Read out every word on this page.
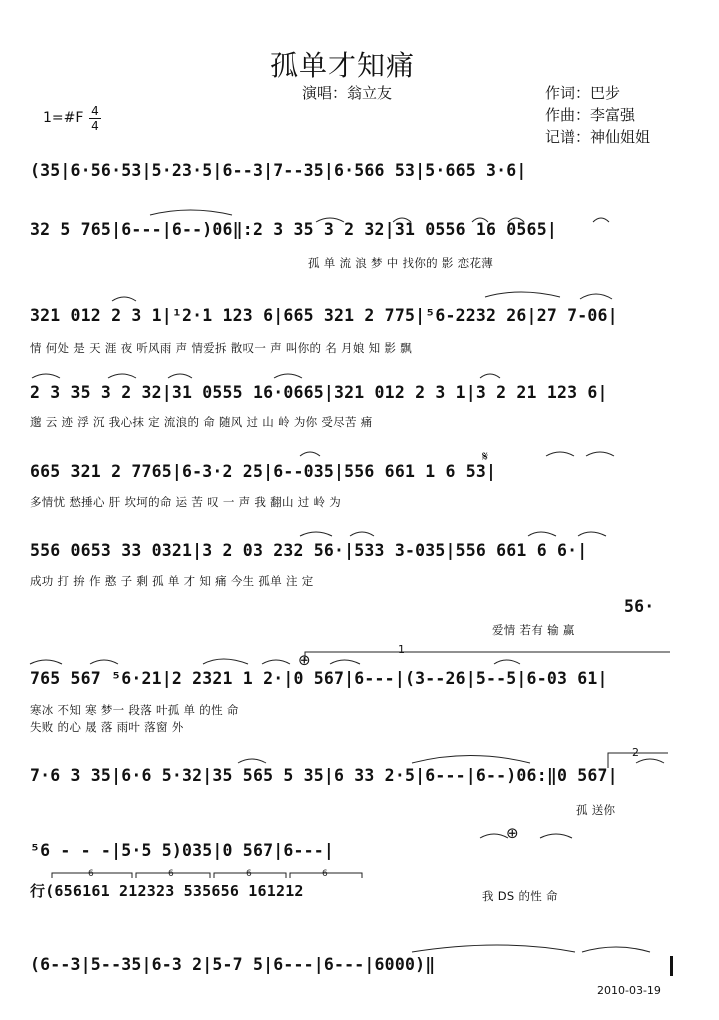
孤单才知痛
演唱：翁立友	作词：巴步
作曲：李富强
记谱：神仙姐姐
1=#F 4
4
(35|6·56·53|5·23·5|6--3|7--35|6·566 53|5·665 3·6|
32 5 765|6---|6--)06‖:2 3 35 3 2 32|31 0556 16 0565|
孤 单 流 浪 梦 中 找你的 影 恋花薄
321 012 2 3 1|¹2·1 123 6|665 321 2 775|⁵6-2232 26|27 7-06|
情 何处 是 天 涯 夜 听风雨 声 情爱拆 散叹一 声 叫你的 名 月娘 知 影 飘
2 3 35 3 2 32|31 0555 16·0665|321 012 2 3 1|3 2 21 123 6|
邈 云 迹 浮 沉 我心抹 定 流浪的 命 随风 过 山 岭 为你 受尽苦 痛
665 321 2 7765|6-3·2 25|6--035|556 661 1 6 53|
多情忧 愁捶心 肝 坎坷的命 运 苦 叹 一 声 我 翻山 过 岭 为
556 0653 33 0321|3 2 03 232 56·|533 3-035|556 661 6 6·|
成功 打 拚 作 憨 子 剩 孤 单 才 知 痛 今生 孤单 注 定
56·
爱情 若有 输 赢
765 567 ⁵6·21|2 2321 1 2·|0 567|6---|(3--26|5--5|6-03 61|
寒冰 不知 寒 梦一 段落 叶孤 单 的性 命
失败 的心 晟 落 雨叶 落窗 外
7·6 3 35|6·6 5·32|35 565 5 35|6 33 2·5|6---|6--)06:‖0 567|
孤 送你
⁵6 - - -|5·5 5)035|0 567|6---|
我 DS 的性 命
行(656161 212323 535656 161212
(6--3|5--35|6-3 2|5-7 5|6---|6---|6000)‖
2010-03-19
1
2
𝄋
⊕
⊕
6	6	6	6
